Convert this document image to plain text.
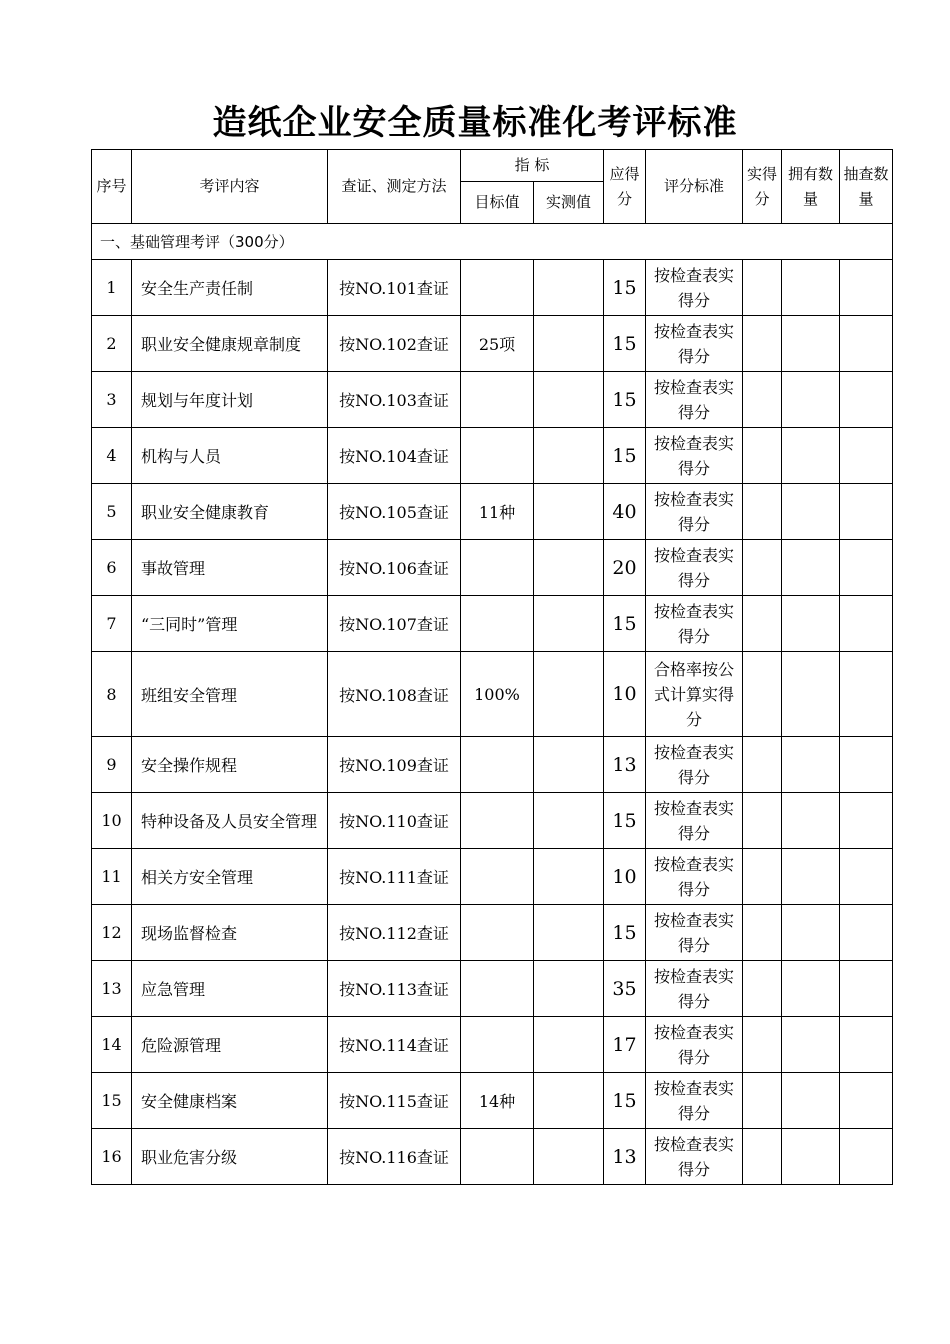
造纸企业安全质量标准化考评标准
序号	考评内容	查证、测定方法	指 标		应得分	评分标准	实得分	拥有数量	抽查数量
			目标值	实测值					
一、基础管理考评（300分）									
1	安全生产责任制	按NO.101查证			15	按检查表实得分			
2	职业安全健康规章制度	按NO.102查证	25项		15	按检查表实得分			
3	规划与年度计划	按NO.103查证			15	按检查表实得分			
4	机构与人员	按NO.104查证			15	按检查表实得分			
5	职业安全健康教育	按NO.105查证	11种		40	按检查表实得分			
6	事故管理	按NO.106查证			20	按检查表实得分			
7	“三同时”管理	按NO.107查证			15	按检查表实得分			
8	班组安全管理	按NO.108查证	100%		10	合格率按公式计算实得分			
9	安全操作规程	按NO.109查证			13	按检查表实得分			
10	特种设备及人员安全管理	按NO.110查证			15	按检查表实得分			
11	相关方安全管理	按NO.111查证			10	按检查表实得分			
12	现场监督检查	按NO.112查证			15	按检查表实得分			
13	应急管理	按NO.113查证			35	按检查表实得分			
14	危险源管理	按NO.114查证			17	按检查表实得分			
15	安全健康档案	按NO.115查证	14种		15	按检查表实得分			
16	职业危害分级	按NO.116查证			13	按检查表实得分			
